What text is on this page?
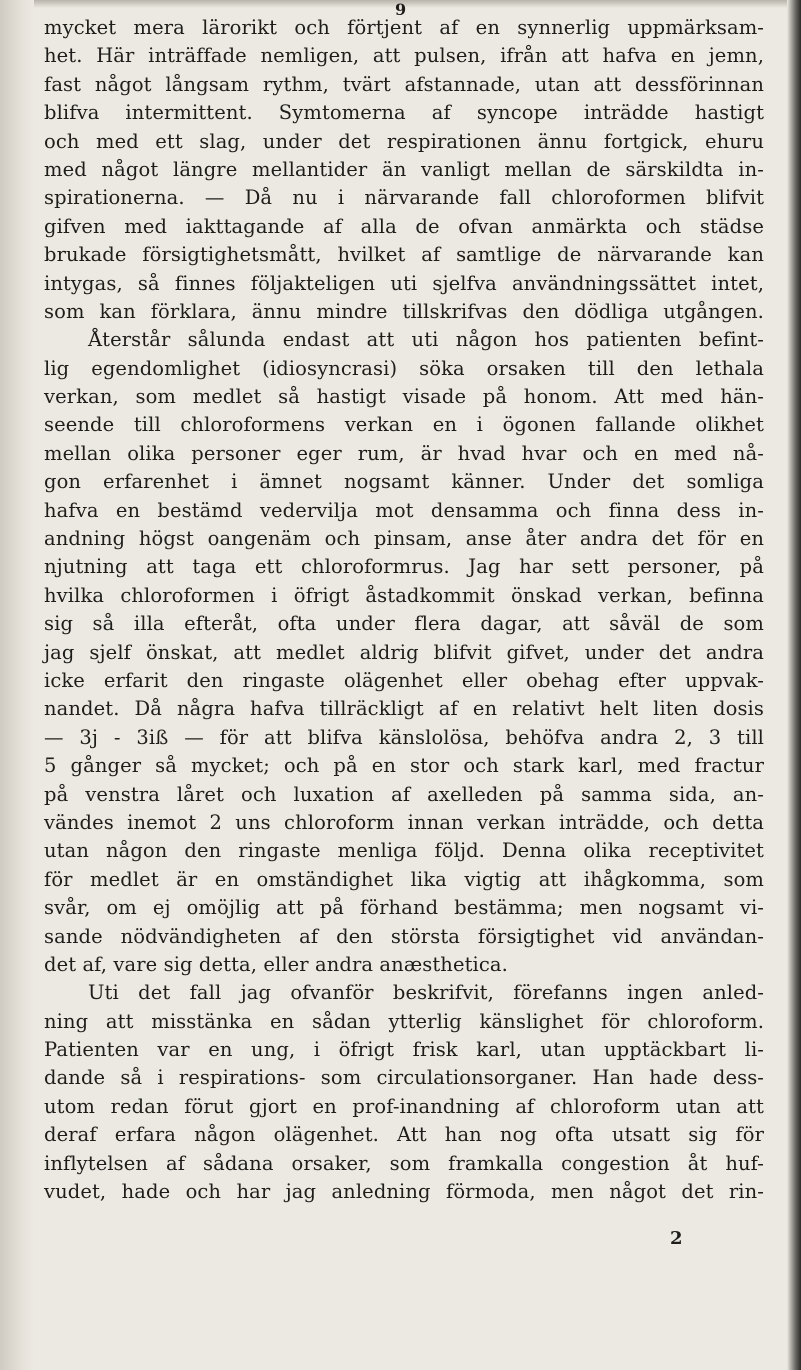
9
mycket mera lärorikt och förtjent af en synnerlig uppmärksam-
het. Här inträffade nemligen, att pulsen, ifrån att hafva en jemn,
fast något långsam rythm, tvärt afstannade, utan att dessförinnan
blifva intermittent. Symtomerna af syncope inträdde hastigt
och med ett slag, under det respirationen ännu fortgick, ehuru
med något längre mellantider än vanligt mellan de särskildta in-
spirationerna. — Då nu i närvarande fall chloroformen blifvit
gifven med iakttagande af alla de ofvan anmärkta och städse
brukade försigtighetsmått, hvilket af samtlige de närvarande kan
intygas, så finnes följakteligen uti sjelfva användningssättet intet,
som kan förklara, ännu mindre tillskrifvas den dödliga utgången.
Återstår sålunda endast att uti någon hos patienten befint-
lig egendomlighet (idiosyncrasi) söka orsaken till den lethala
verkan, som medlet så hastigt visade på honom. Att med hän-
seende till chloroformens verkan en i ögonen fallande olikhet
mellan olika personer eger rum, är hvad hvar och en med nå-
gon erfarenhet i ämnet nogsamt känner. Under det somliga
hafva en bestämd vedervilja mot densamma och finna dess in-
andning högst oangenäm och pinsam, anse åter andra det för en
njutning att taga ett chloroformrus. Jag har sett personer, på
hvilka chloroformen i öfrigt åstadkommit önskad verkan, befinna
sig så illa efteråt, ofta under flera dagar, att såväl de som
jag sjelf önskat, att medlet aldrig blifvit gifvet, under det andra
icke erfarit den ringaste olägenhet eller obehag efter uppvak-
nandet. Då några hafva tillräckligt af en relativt helt liten dosis
— 3j - 3iß — för att blifva känslolösa, behöfva andra 2, 3 till
5 gånger så mycket; och på en stor och stark karl, med fractur
på venstra låret och luxation af axelleden på samma sida, an-
vändes inemot 2 uns chloroform innan verkan inträdde, och detta
utan någon den ringaste menliga följd. Denna olika receptivitet
för medlet är en omständighet lika vigtig att ihågkomma, som
svår, om ej omöjlig att på förhand bestämma; men nogsamt vi-
sande nödvändigheten af den största försigtighet vid användan-
det af, vare sig detta, eller andra anæsthetica.
Uti det fall jag ofvanför beskrifvit, förefanns ingen anled-
ning att misstänka en sådan ytterlig känslighet för chloroform.
Patienten var en ung, i öfrigt frisk karl, utan upptäckbart li-
dande så i respirations- som circulationsorganer. Han hade dess-
utom redan förut gjort en prof-inandning af chloroform utan att
deraf erfara någon olägenhet. Att han nog ofta utsatt sig för
inflytelsen af sådana orsaker, som framkalla congestion åt huf-
vudet, hade och har jag anledning förmoda, men något det rin-
2
